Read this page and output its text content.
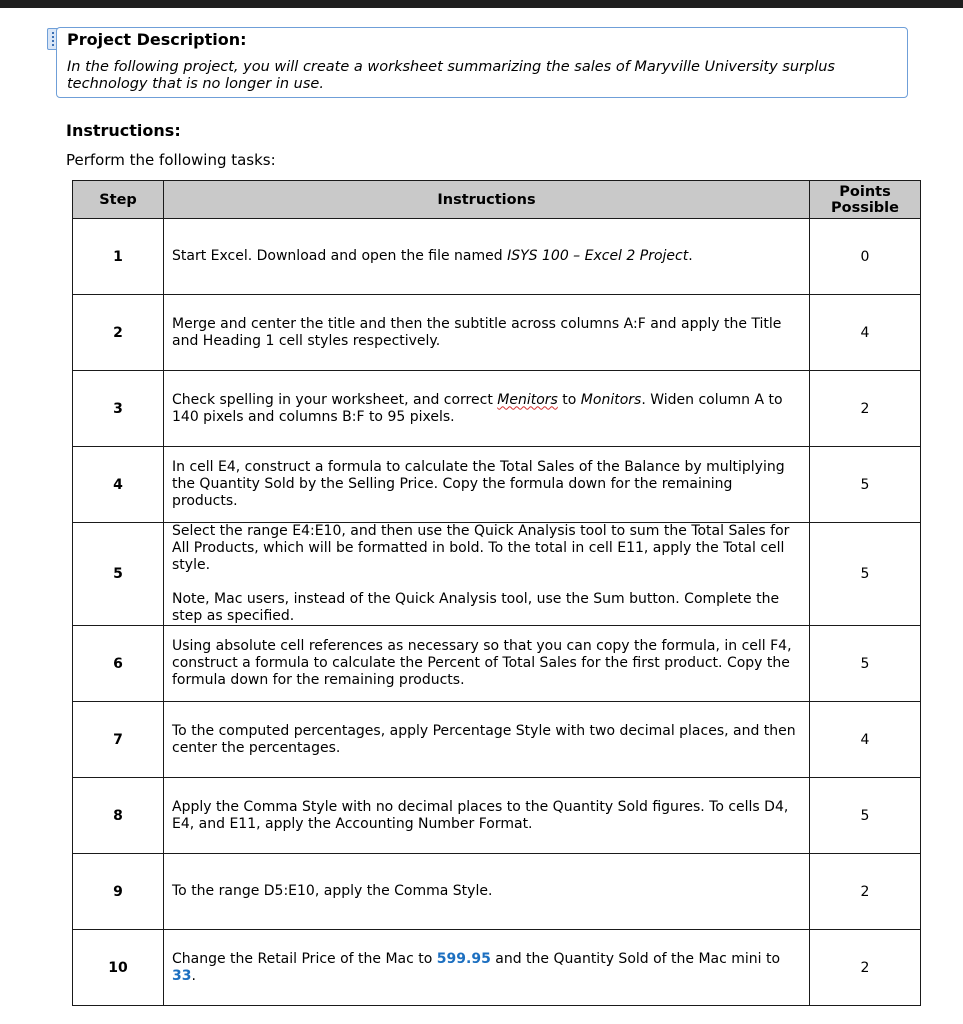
Project Description:
In the following project, you will create a worksheet summarizing the sales of Maryville University surplus technology that is no longer in use.
Instructions:
Perform the following tasks:
Step	Instructions	Points
Possible
1	Start Excel. Download and open the file named ISYS 100 – Excel 2 Project.	0
2	Merge and center the title and then the subtitle across columns A:F and apply the Title and Heading 1 cell styles respectively.	4
3	Check spelling in your worksheet, and correct Menitors to Monitors. Widen column A to 140 pixels and columns B:F to 95 pixels.	2
4	In cell E4, construct a formula to calculate the Total Sales of the Balance by multiplying the Quantity Sold by the Selling Price. Copy the formula down for the remaining products.	5
5	Select the range E4:E10, and then use the Quick Analysis tool to sum the Total Sales for All Products, which will be formatted in bold. To the total in cell E11, apply the Total cell style.
Note, Mac users, instead of the Quick Analysis tool, use the Sum button. Complete the step as specified.	5
6	Using absolute cell references as necessary so that you can copy the formula, in cell F4, construct a formula to calculate the Percent of Total Sales for the first product. Copy the formula down for the remaining products.	5
7	To the computed percentages, apply Percentage Style with two decimal places, and then center the percentages.	4
8	Apply the Comma Style with no decimal places to the Quantity Sold figures. To cells D4, E4, and E11, apply the Accounting Number Format.	5
9	To the range D5:E10, apply the Comma Style.	2
10	Change the Retail Price of the Mac to 599.95 and the Quantity Sold of the Mac mini to 33.	2
